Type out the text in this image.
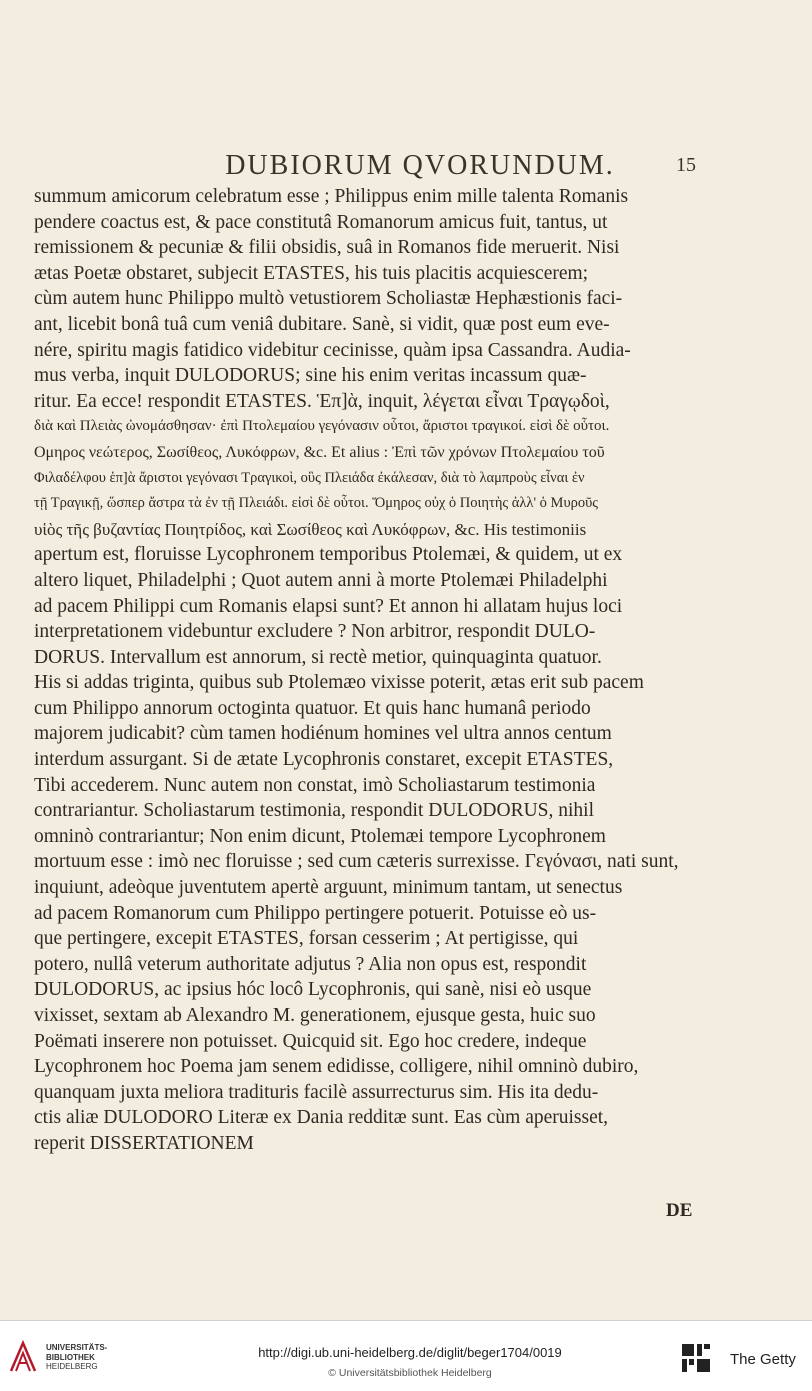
DUBIORUM QVORUNDUM.	15
summum amicorum celebratum esse ; Philippus enim mille talenta Romanis
pendere coactus est, & pace constitutâ Romanorum amicus fuit, tantus, ut
remissionem & pecuniæ & filii obsidis, suâ in Romanos fide meruerit. Nisi
ætas Poetæ obstaret, subjecit ETASTES, his tuis placitis acquiescerem;
cùm autem hunc Philippo multò vetustiorem Scholiastæ Hephæstionis faci-
ant, licebit bonâ tuâ cum veniâ dubitare. Sanè, si vidit, quæ post eum eve-
nére, spiritu magis fatidico videbitur cecinisse, quàm ipsa Cassandra. Audia-
mus verba, inquit DULODORUS; sine his enim veritas incassum quæ-
ritur. Ea ecce! respondit ETASTES. Ἑπ]ὰ, inquit, λέγεται εἶναι Τραγῳδοὶ,
διὰ καὶ Πλειὰς ὠνομάσθησαν· ἐπὶ Πτολεμαίου γεγόνασιν οὗτοι, ἄριστοι τραγικοί. εἰσὶ δὲ οὗτοι.
Ομηρος νεώτερος, Σωσίθεος, Λυκόφρων, &c. Et alius : Ἐπὶ τῶν χρόνων Πτολεμαίου τοῦ
Φιλαδέλφου ἑπ]ὰ ἄριστοι γεγόνασι Τραγικοὶ, οὓς Πλειάδα ἐκάλεσαν, διὰ τὸ λαμπροὺς εἶναι ἐν
τῇ Τραγικῇ, ὥσπερ ἄστρα τὰ ἐν τῇ Πλειάδι. εἰσὶ δὲ οὗτοι. Ὅμηρος οὐχ ὁ Ποιητὴς ἀλλ' ὁ Μυροῦς
υἱὸς τῆς βυζαντίας Ποιητρίδος, καὶ Σωσίθεος καὶ Λυκόφρων, &c. His testimoniis
apertum est, floruisse Lycophronem temporibus Ptolemæi, & quidem, ut ex
altero liquet, Philadelphi ; Quot autem anni à morte Ptolemæi Philadelphi
ad pacem Philippi cum Romanis elapsi sunt? Et annon hi allatam hujus loci
interpretationem videbuntur excludere ? Non arbitror, respondit DULO-
DORUS. Intervallum est annorum, si rectè metior, quinquaginta quatuor.
His si addas triginta, quibus sub Ptolemæo vixisse poterit, ætas erit sub pacem
cum Philippo annorum octoginta quatuor. Et quis hanc humanâ periodo
majorem judicabit? cùm tamen hodiénum homines vel ultra annos centum
interdum assurgant. Si de ætate Lycophronis constaret, excepit ETASTES,
Tibi accederem. Nunc autem non constat, imò Scholiastarum testimonia
contrariantur. Scholiastarum testimonia, respondit DULODORUS, nihil
omninò contrariantur; Non enim dicunt, Ptolemæi tempore Lycophronem
mortuum esse : imò nec floruisse ; sed cum cæteris surrexisse. Γεγόνασι, nati sunt,
inquiunt, adeòque juventutem apertè arguunt, minimum tantam, ut senectus
ad pacem Romanorum cum Philippo pertingere potuerit. Potuisse eò us-
que pertingere, excepit ETASTES, forsan cesserim ; At pertigisse, qui
potero, nullâ veterum authoritate adjutus ? Alia non opus est, respondit
DULODORUS, ac ipsius hóc locô Lycophronis, qui sanè, nisi eò usque
vixisset, sextam ab Alexandro M. generationem, ejusque gesta, huic suo
Poëmati inserere non potuisset. Quicquid sit. Ego hoc credere, indeque
Lycophronem hoc Poema jam senem edidisse, colligere, nihil omninò dubiro,
quanquam juxta meliora tradituris facilè assurrecturus sim. His ita dedu-
ctis aliæ DULODORO Literæ ex Dania redditæ sunt. Eas cùm aperuisset,
reperit DISSERTATIONEM
DE
UNIVERSITÄTS-
BIBLIOTHEK
HEIDELBERG
http://digi.ub.uni-heidelberg.de/diglit/beger1704/0019
© Universitätsbibliothek Heidelberg
The Getty
